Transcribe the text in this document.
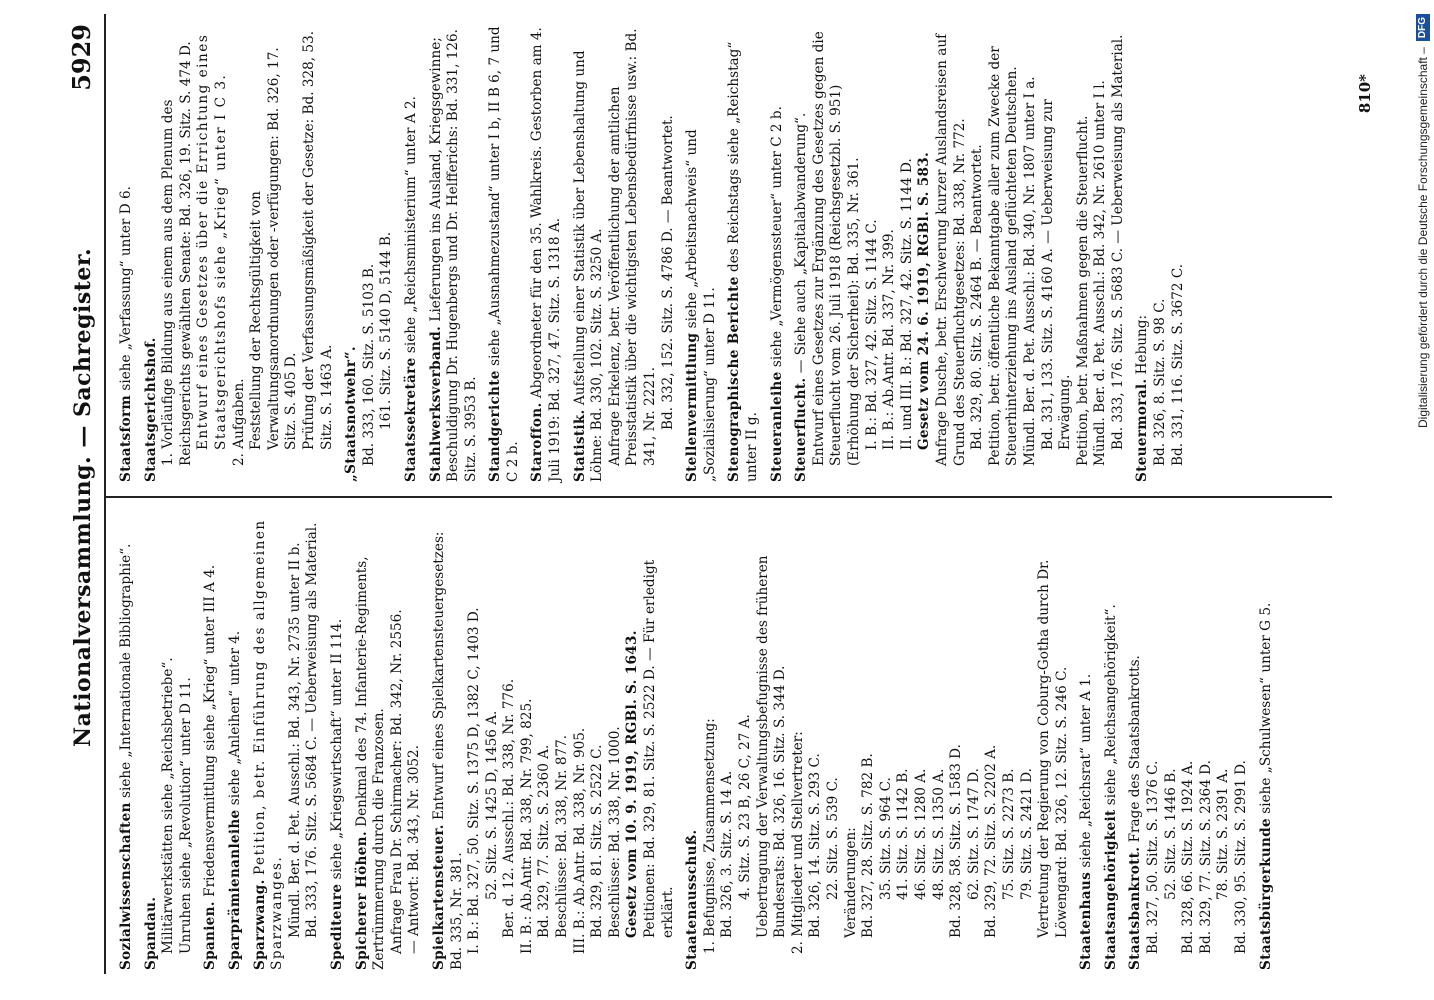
Nationalversammlung. — Sachregister.
5929

Sozialwissenschaften siehe „Internationale Bibliographie“.

Spandau. Militärwerkstätten siehe „Reichsbetriebe“. Unruhen siehe „Revolution“ unter D 11. Spanien. Friedensvermittlung siehe „Krieg“ unter III A 4. Sparprämienanleihe siehe „Anleihen“ unter 4.

Sparzwang. Petition, betr. Einführung des allgemeinen Sparzwanges. Mündl. Ber. d. Pet. Ausschl.: Bd. 343, Nr. 2735 unter II b. Bd. 333, 176. Sitz. S. 5684 C. — Ueberweisung als Material. Spediteure siehe „Kriegswirtschaft“ unter II 114.

Spicherer Höhen. Denkmal des 74. Infanterie-Regiments, Zertrümmerung durch die Franzosen. Anfrage Frau Dr. Schirmacher: Bd. 342, Nr. 2556. — Antwort: Bd. 343, Nr. 3052. Spielkartensteuer. Entwurf eines Spielkartensteuergesetzes: Bd. 335, Nr. 381. I. B.: Bd. 327, 50. Sitz. S. 1375 D, 1382 C, 1403 D. 52. Sitz. S. 1425 D, 1456 A. Ber. d. 12. Ausschl.: Bd. 338, Nr. 776. II. B.: Ab.Antr. Bd. 338, Nr. 799, 825. Bd. 329, 77. Sitz. S. 2360 A. Beschlüsse: Bd. 338, Nr. 877. III. B.: Ab.Antr. Bd. 338, Nr. 905. Bd. 329, 81. Sitz. S. 2522 C. Beschlüsse: Bd. 338, Nr. 1000. Gesetz vom 10. 9. 1919, RGBl. S. 1643. Petitionen: Bd. 329, 81. Sitz. S. 2522 D. — Für erledigt erklärt. Staatenausschuß. 1. Befugnisse, Zusammensetzung: Bd. 326, 3. Sitz. S. 14 A. 4. Sitz. S. 23 B, 26 C, 27 A. Uebertragung der Verwaltungsbefugnisse des früheren Bundesrats: Bd. 326, 16. Sitz. S. 344 D. 2. Mitglieder und Stellvertreter: Bd. 326, 14. Sitz. S. 293 C. 22. Sitz. S. 539 C. Veränderungen: Bd. 327, 28. Sitz. S. 782 B. 35. Sitz. S. 964 C. 41. Sitz. S. 1142 B. 46. Sitz. S. 1280 A. 48. Sitz. S. 1350 A. Bd. 328, 58. Sitz. S. 1583 D. 62. Sitz. S. 1747 D. Bd. 329, 72. Sitz. S. 2202 A. 75. Sitz. S. 2273 B. 79. Sitz. S. 2421 D. Vertretung der Regierung von Coburg-Gotha durch Dr. Löwengard: Bd. 326, 12. Sitz. S. 246 C. Staatenhaus siehe „Reichsrat“ unter A 1.

Staatsangehörigkeit siehe „Reichsangehörigkeit“.

Staatsbankrott. Frage des Staatsbankrotts.

Bd. 327, 50. Sitz. S. 1376 C. 52. Sitz. S. 1446 B. Bd. 328, 66. Sitz. S. 1924 A. Bd. 329, 77. Sitz. S. 2364 D. 78. Sitz. S. 2391 A. Bd. 330, 95. Sitz. S. 2991 D. Staatsbürgerkunde siehe „Schulwesen“ unter G 5.

Staatsform siehe „Verfassung“ unter D 6.

Staatsgerichtshof. 1. Vorläufige Bildung aus einem aus dem Plenum des Reichsgerichts gewählten Senate: Bd. 326, 19. Sitz. S. 474 D. Entwurf eines Gesetzes über die Errichtung eines Staatsgerichtshofs siehe „Krieg“ unter I C 3. 2. Aufgaben. Feststellung der Rechtsgültigkeit von Verwaltungsanordnungen oder -verfügungen: Bd. 326, 17. Sitz. S. 405 D. Prüfung der Verfassungsmäßigkeit der Gesetze: Bd. 328, 53. Sitz. S. 1463 A. „Staatsnotwehr“. Bd. 333, 160. Sitz. S. 5103 B. 161. Sitz. S. 5140 D, 5144 B. Staatssekretäre siehe „Reichsministerium“ unter A 2.

Stahlwerksverband. Lieferungen ins Ausland, Kriegsgewinne; Beschuldigung Dr. Hugenbergs und Dr. Helfferichs: Bd. 331, 126. Sitz. S. 3953 B. Standgerichte siehe „Ausnahmezustand“ unter I b, II B 6, 7 und C 2 b. Staroffon. Abgeordneter für den 35. Wahlkreis. Gestorben am 4. Juli 1919: Bd. 327, 47. Sitz. S. 1318 A. Statistik. Aufstellung einer Statistik über Lebenshaltung und Löhne: Bd. 330, 102. Sitz. S. 3250 A. Anfrage Erkelenz, betr. Veröffentlichung der amtlichen Preisstatistik über die wichtigsten Lebensbedürfnisse usw.: Bd. 341, Nr. 2221. Bd. 332, 152. Sitz. S. 4786 D. — Beantwortet. Stellenvermittlung siehe „Arbeitsnachweis“ und „Sozialisierung“ unter D 11. Stenographische Berichte des Reichstags siehe „Reichstag“ unter II g. Steueranleihe siehe „Vermögenssteuer“ unter C 2 b.

Steuerflucht. — Siehe auch „Kapitalabwanderung“. Entwurf eines Gesetzes zur Ergänzung des Gesetzes gegen die Steuerflucht vom 26. Juli 1918 (Reichsgesetzbl. S. 951) (Erhöhung der Sicherheit): Bd. 335, Nr. 361. I. B.: Bd. 327, 42. Sitz. S. 1144 C. II. B.: Ab.Antr. Bd. 337, Nr. 399. II. und III. B.: Bd. 327, 42. Sitz. S. 1144 D. Gesetz vom 24. 6. 1919, RGBl. S. 583. Anfrage Dusche, betr. Erschwerung kurzer Auslandsreisen auf Grund des Steuerfluchtgesetzes: Bd. 338, Nr. 772. Bd. 329, 80. Sitz. S. 2464 B. — Beantwortet. Petition, betr. öffentliche Bekanntgabe aller zum Zwecke der Steuerhinterziehung ins Ausland geflüchteten Deutschen. Mündl. Ber. d. Pet. Ausschl.: Bd. 340, Nr. 1807 unter I a. Bd. 331, 133. Sitz. S. 4160 A. — Ueberweisung zur Erwägung. Petition, betr. Maßnahmen gegen die Steuerflucht. Mündl. Ber. d. Pet. Ausschl.: Bd. 342, Nr. 2610 unter I l. Bd. 333, 176. Sitz. S. 5683 C. — Ueberweisung als Material. Steuermoral. Hebung: Bd. 326, 8. Sitz. S. 98 C. Bd. 331, 116. Sitz. S. 3672 C.

810*	Digitalisierung gefördert durch die Deutsche Forschungsgemeinschaft –
DFG
